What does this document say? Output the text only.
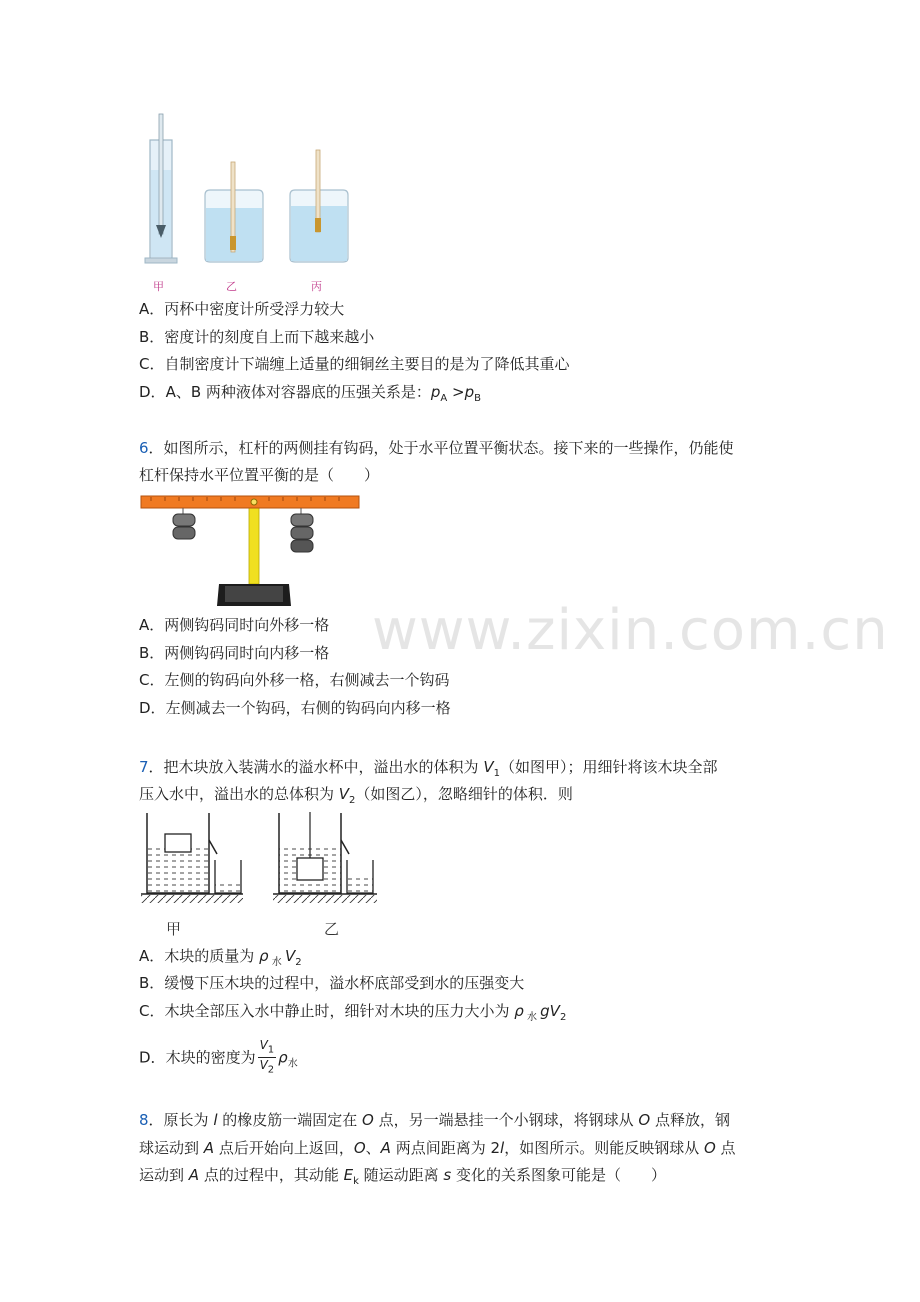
甲	乙	丙
A．丙杯中密度计所受浮力较大
B．密度计的刻度自上而下越来越小
C．自制密度计下端缠上适量的细铜丝主要目的是为了降低其重心
D．A、B 两种液体对容器底的压强关系是：$p_A >p_B$
6．如图所示，杠杆的两侧挂有钩码，处于水平位置平衡状态。接下来的一些操作，仍能使
杠杆保持水平位置平衡的是（　　）
A．两侧钩码同时向外移一格
B．两侧钩码同时向内移一格
C．左侧的钩码向外移一格，右侧减去一个钩码
D．左侧减去一个钩码，右侧的钩码向内移一格
www.zixin.com.cn
7．把木块放入装满水的溢水杯中，溢出水的体积为 $V_1$（如图甲）；用细针将该木块全部
压入水中，溢出水的总体积为 $V_2$（如图乙），忽略细针的体积．则
甲	乙
A．木块的质量为 ρ $_水$ $V_2$
B．缓慢下压木块的过程中，溢水杯底部受到水的压强变大
C．木块全部压入水中静止时，细针对木块的压力大小为 ρ $_水$ $gV_2$
D．木块的密度为 $\frac{V_1}{V_2} \rho_水$
8．原长为 l 的橡皮筋一端固定在 O 点，另一端悬挂一个小钢球，将钢球从 O 点释放，钢
球运动到 A 点后开始向上返回，O、A 两点间距离为 2l，如图所示。则能反映钢球从 O 点
运动到 A 点的过程中，其动能 $E_k$ 随运动距离 s 变化的关系图象可能是（　　）
